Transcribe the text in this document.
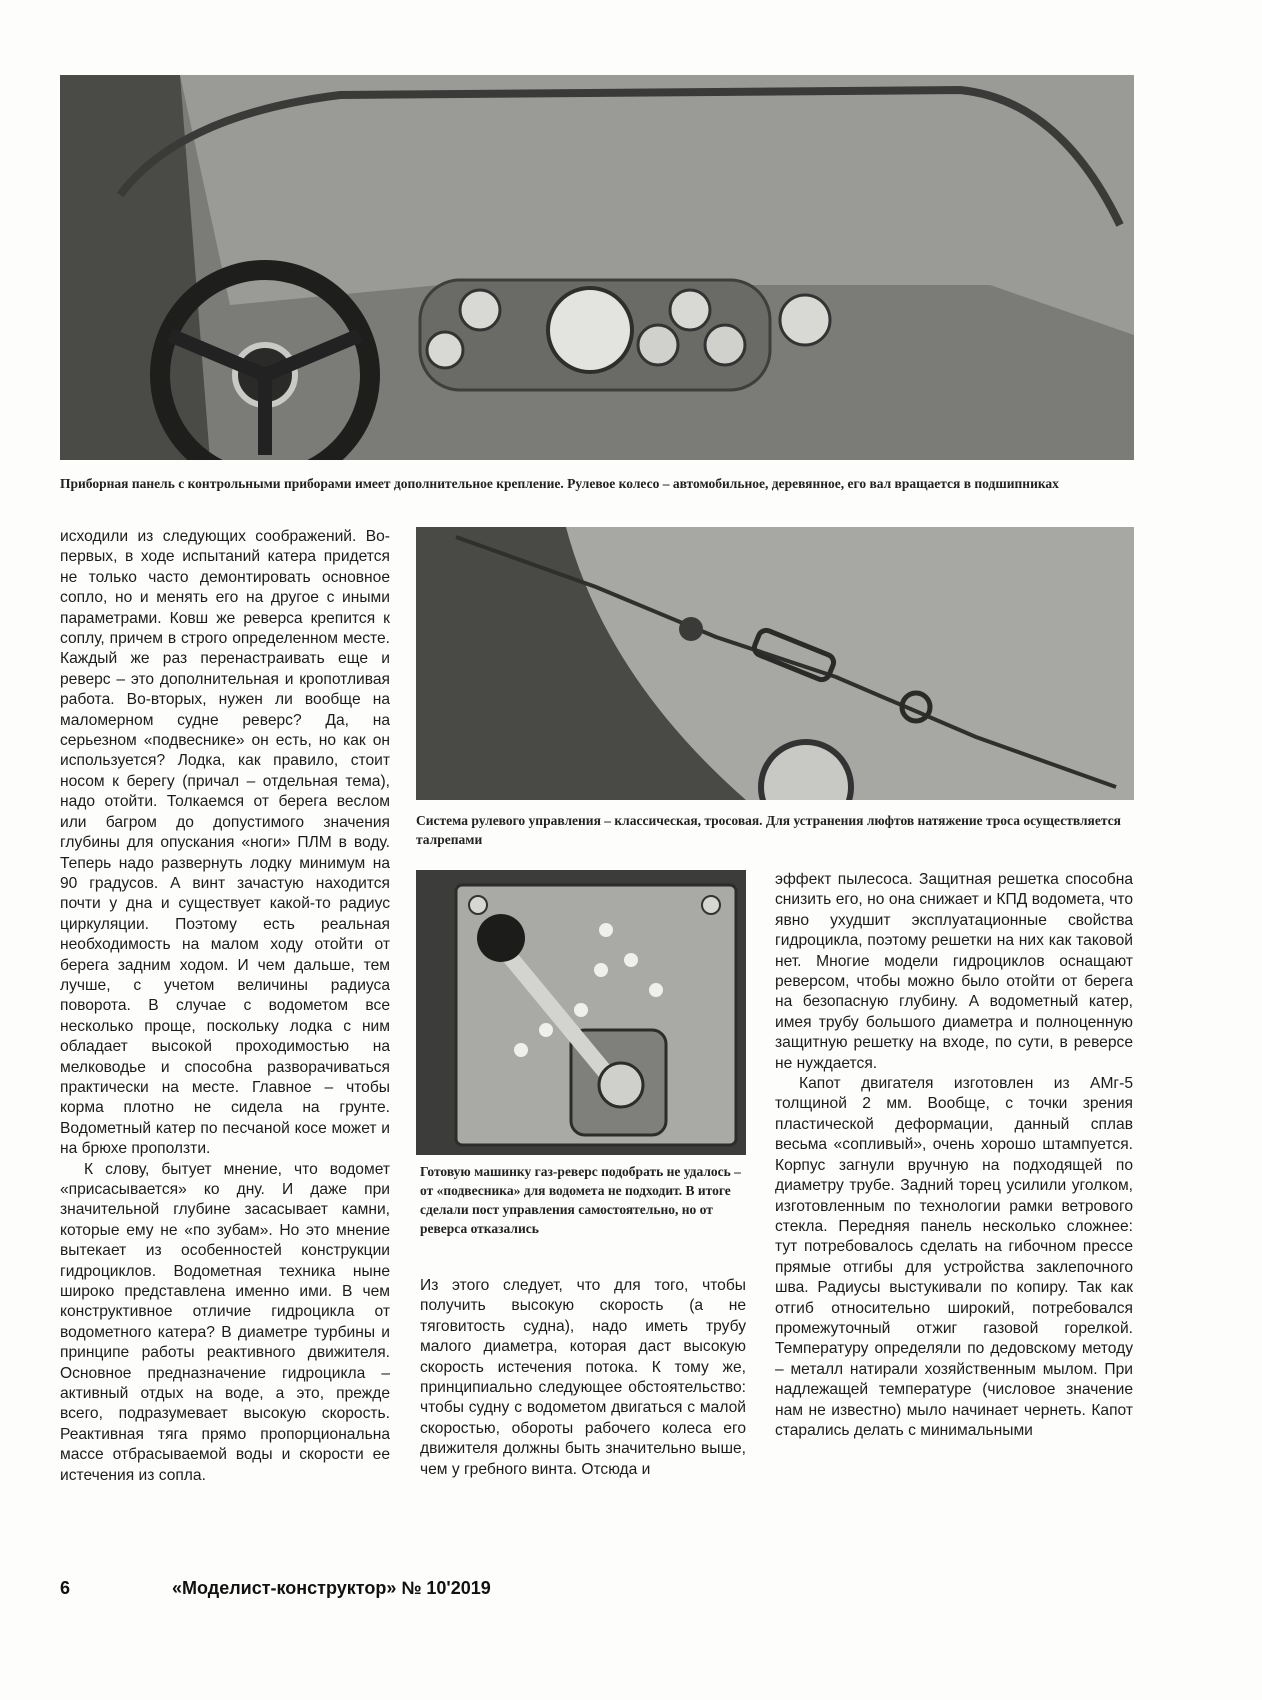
Приборная панель с контрольными приборами имеет дополнительное крепление. Рулевое колесо – автомобильное, деревянное, его вал вращается в подшипниках

Система рулевого управления – классическая, тросовая. Для устранения люфтов натяжение троса осуществляется талрепами

Готовую машинку газ-реверс подобрать не удалось – от «подвесника» для водомета не подходит. В итоге сделали пост управления самостоятельно, но от реверса отказались

исходили из следующих соображений. Во-первых, в ходе испытаний катера придется не только часто демонтировать основное сопло, но и менять его на другое с иными параметрами. Ковш же реверса крепится к соплу, причем в строго определенном месте. Каждый же раз перенастраивать еще и реверс – это дополнительная и кропотливая работа. Во-вторых, нужен ли вообще на маломерном судне реверс? Да, на серьезном «подвеснике» он есть, но как он используется? Лодка, как правило, стоит носом к берегу (причал – отдельная тема), надо отойти. Толкаемся от берега веслом или багром до допустимого значения глубины для опускания «ноги» ПЛМ в воду. Теперь надо развернуть лодку минимум на 90 градусов. А винт зачастую находится почти у дна и существует какой-то радиус циркуляции. Поэтому есть реальная необходимость на малом ходу отойти от берега задним ходом. И чем дальше, тем лучше, с учетом величины радиуса поворота. В случае с водометом все несколько проще, поскольку лодка с ним обладает высокой проходимостью на мелководье и способна разворачиваться практически на месте. Главное – чтобы корма плотно не сидела на грунте. Водометный катер по песчаной косе может и на брюхе проползти.

К слову, бытует мнение, что водомет «присасывается» ко дну. И даже при значительной глубине засасывает камни, которые ему не «по зубам». Но это мнение вытекает из особенностей конструкции гидроциклов. Водометная техника ныне широко представлена именно ими. В чем конструктивное отличие гидроцикла от водометного катера? В диаметре турбины и принципе работы реактивного движителя. Основное предназначение гидроцикла – активный отдых на воде, а это, прежде всего, подразумевает высокую скорость. Реактивная тяга прямо пропорциональна массе отбрасываемой воды и скорости ее истечения из сопла.

Из этого следует, что для того, чтобы получить высокую скорость (а не тяговитость судна), надо иметь трубу малого диаметра, которая даст высокую скорость истечения потока. К тому же, принципиально следующее обстоятельство: чтобы судну с водометом двигаться с малой скоростью, обороты рабочего колеса его движителя должны быть значительно выше, чем у гребного винта. Отсюда и

эффект пылесоса. Защитная решетка способна снизить его, но она снижает и КПД водомета, что явно ухудшит эксплуатационные свойства гидроцикла, поэтому решетки на них как таковой нет. Многие модели гидроциклов оснащают реверсом, чтобы можно было отойти от берега на безопасную глубину. А водометный катер, имея трубу большого диаметра и полноценную защитную решетку на входе, по сути, в реверсе не нуждается.

Капот двигателя изготовлен из АМг-5 толщиной 2 мм. Вообще, с точки зрения пластической деформации, данный сплав весьма «сопливый», очень хорошо штампуется. Корпус загнули вручную на подходящей по диаметру трубе. Задний торец усилили уголком, изготовленным по технологии рамки ветрового стекла. Передняя панель несколько сложнее: тут потребовалось сделать на гибочном прессе прямые отгибы для устройства заклепочного шва. Радиусы выстукивали по копиру. Так как отгиб относительно широкий, потребовался промежуточный отжиг газовой горелкой. Температуру определяли по дедовскому методу – металл натирали хозяйственным мылом. При надлежащей температуре (числовое значение нам не известно) мыло начинает чернеть. Капот старались делать с минимальными

6	«Моделист-конструктор» № 10'2019
